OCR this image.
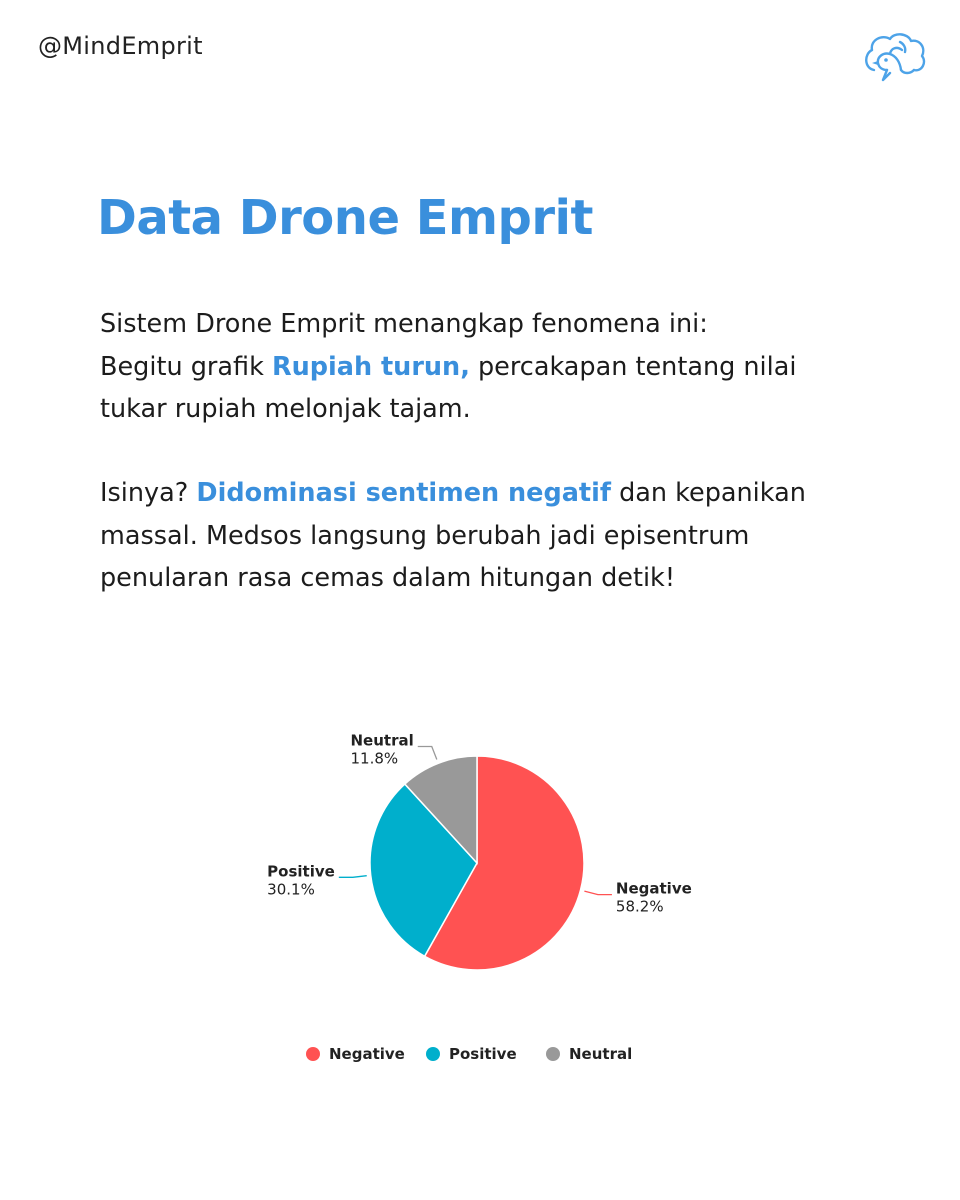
@MindEmprit
Data Drone Emprit

Sistem Drone Emprit menangkap fenomena ini:
Begitu grafik Rupiah turun, percakapan tentang nilai
tukar rupiah melonjak tajam.

Isinya? Didominasi sentimen negatif dan kepanikan
massal. Medsos langsung berubah jadi episentrum
penularan rasa cemas dalam hitungan detik!

Negative
58.2%
Positive
30.1%
Neutral
11.8%
Negative	Positive	Neutral
